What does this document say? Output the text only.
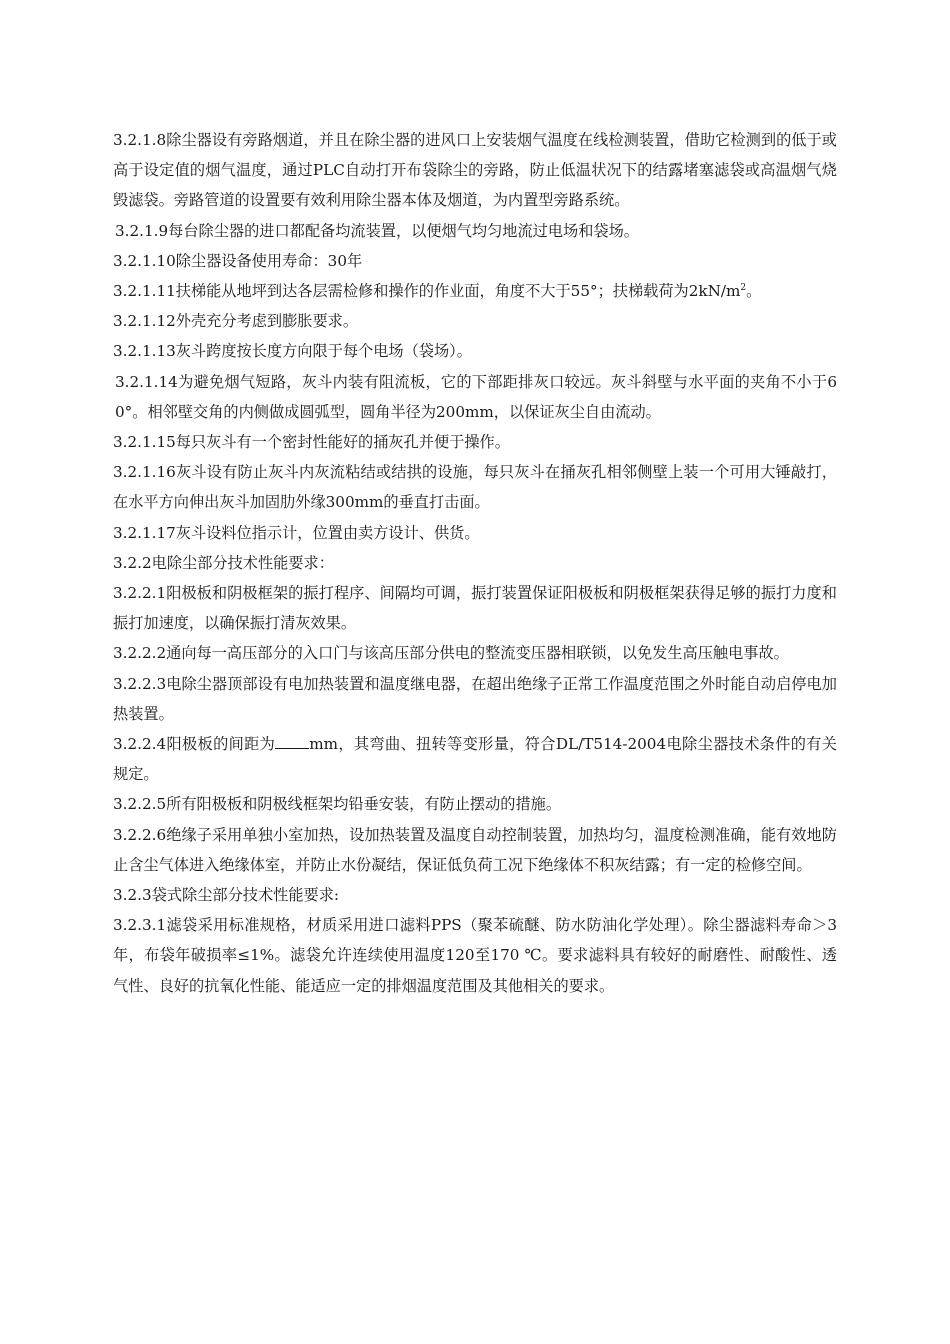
3.2.1.8除尘器设有旁路烟道，并且在除尘器的进风口上安装烟气温度在线检测装置，借助它检测到的低于或高于设定值的烟气温度，通过PLC自动打开布袋除尘的旁路，防止低温状况下的结露堵塞滤袋或高温烟气烧毁滤袋。旁路管道的设置要有效利用除尘器本体及烟道，为内置型旁路系统。

3.2.1.9每台除尘器的进口都配备均流装置，以便烟气均匀地流过电场和袋场。

3.2.1.10除尘器设备使用寿命：30年

3.2.1.11扶梯能从地坪到达各层需检修和操作的作业面，角度不大于55°；扶梯载荷为$2kN/m^2$。

3.2.1.12外壳充分考虑到膨胀要求。

3.2.1.13灰斗跨度按长度方向限于每个电场（袋场）。

3.2.1.14为避免烟气短路，灰斗内装有阻流板，它的下部距排灰口较远。灰斗斜壁与水平面的夹角不小于60°。相邻壁交角的内侧做成圆弧型，圆角半径为200mm，以保证灰尘自由流动。

3.2.1.15每只灰斗有一个密封性能好的捅灰孔并便于操作。

3.2.1.16灰斗设有防止灰斗内灰流粘结或结拱的设施，每只灰斗在捅灰孔相邻侧壁上装一个可用大锤敲打，在水平方向伸出灰斗加固肋外缘300mm的垂直打击面。

3.2.1.17灰斗设料位指示计，位置由卖方设计、供货。

3.2.2电除尘部分技术性能要求：

3.2.2.1阳极板和阴极框架的振打程序、间隔均可调，振打装置保证阳极板和阴极框架获得足够的振打力度和振打加速度，以确保振打清灰效果。

3.2.2.2通向每一高压部分的入口门与该高压部分供电的整流变压器相联锁，以免发生高压触电事故。

3.2.2.3电除尘器顶部设有电加热装置和温度继电器，在超出绝缘子正常工作温度范围之外时能自动启停电加热装置。

3.2.2.4阳极板的间距为 mm，其弯曲、扭转等变形量，符合DL/T514-2004电除尘器技术条件的有关规定。

3.2.2.5所有阳极板和阴极线框架均铅垂安装，有防止摆动的措施。

3.2.2.6绝缘子采用单独小室加热，设加热装置及温度自动控制装置，加热均匀，温度检测准确，能有效地防止含尘气体进入绝缘体室，并防止水份凝结，保证低负荷工况下绝缘体不积灰结露；有一定的检修空间。

3.2.3袋式除尘部分技术性能要求:

3.2.3.1滤袋采用标准规格，材质采用进口滤料PPS（聚苯硫醚、防水防油化学处理）。除尘器滤料寿命＞3年，布袋年破损率≤1%。滤袋允许连续使用温度120至170 ℃。要求滤料具有较好的耐磨性、耐酸性、透气性、良好的抗氧化性能、能适应一定的排烟温度范围及其他相关的要求。
